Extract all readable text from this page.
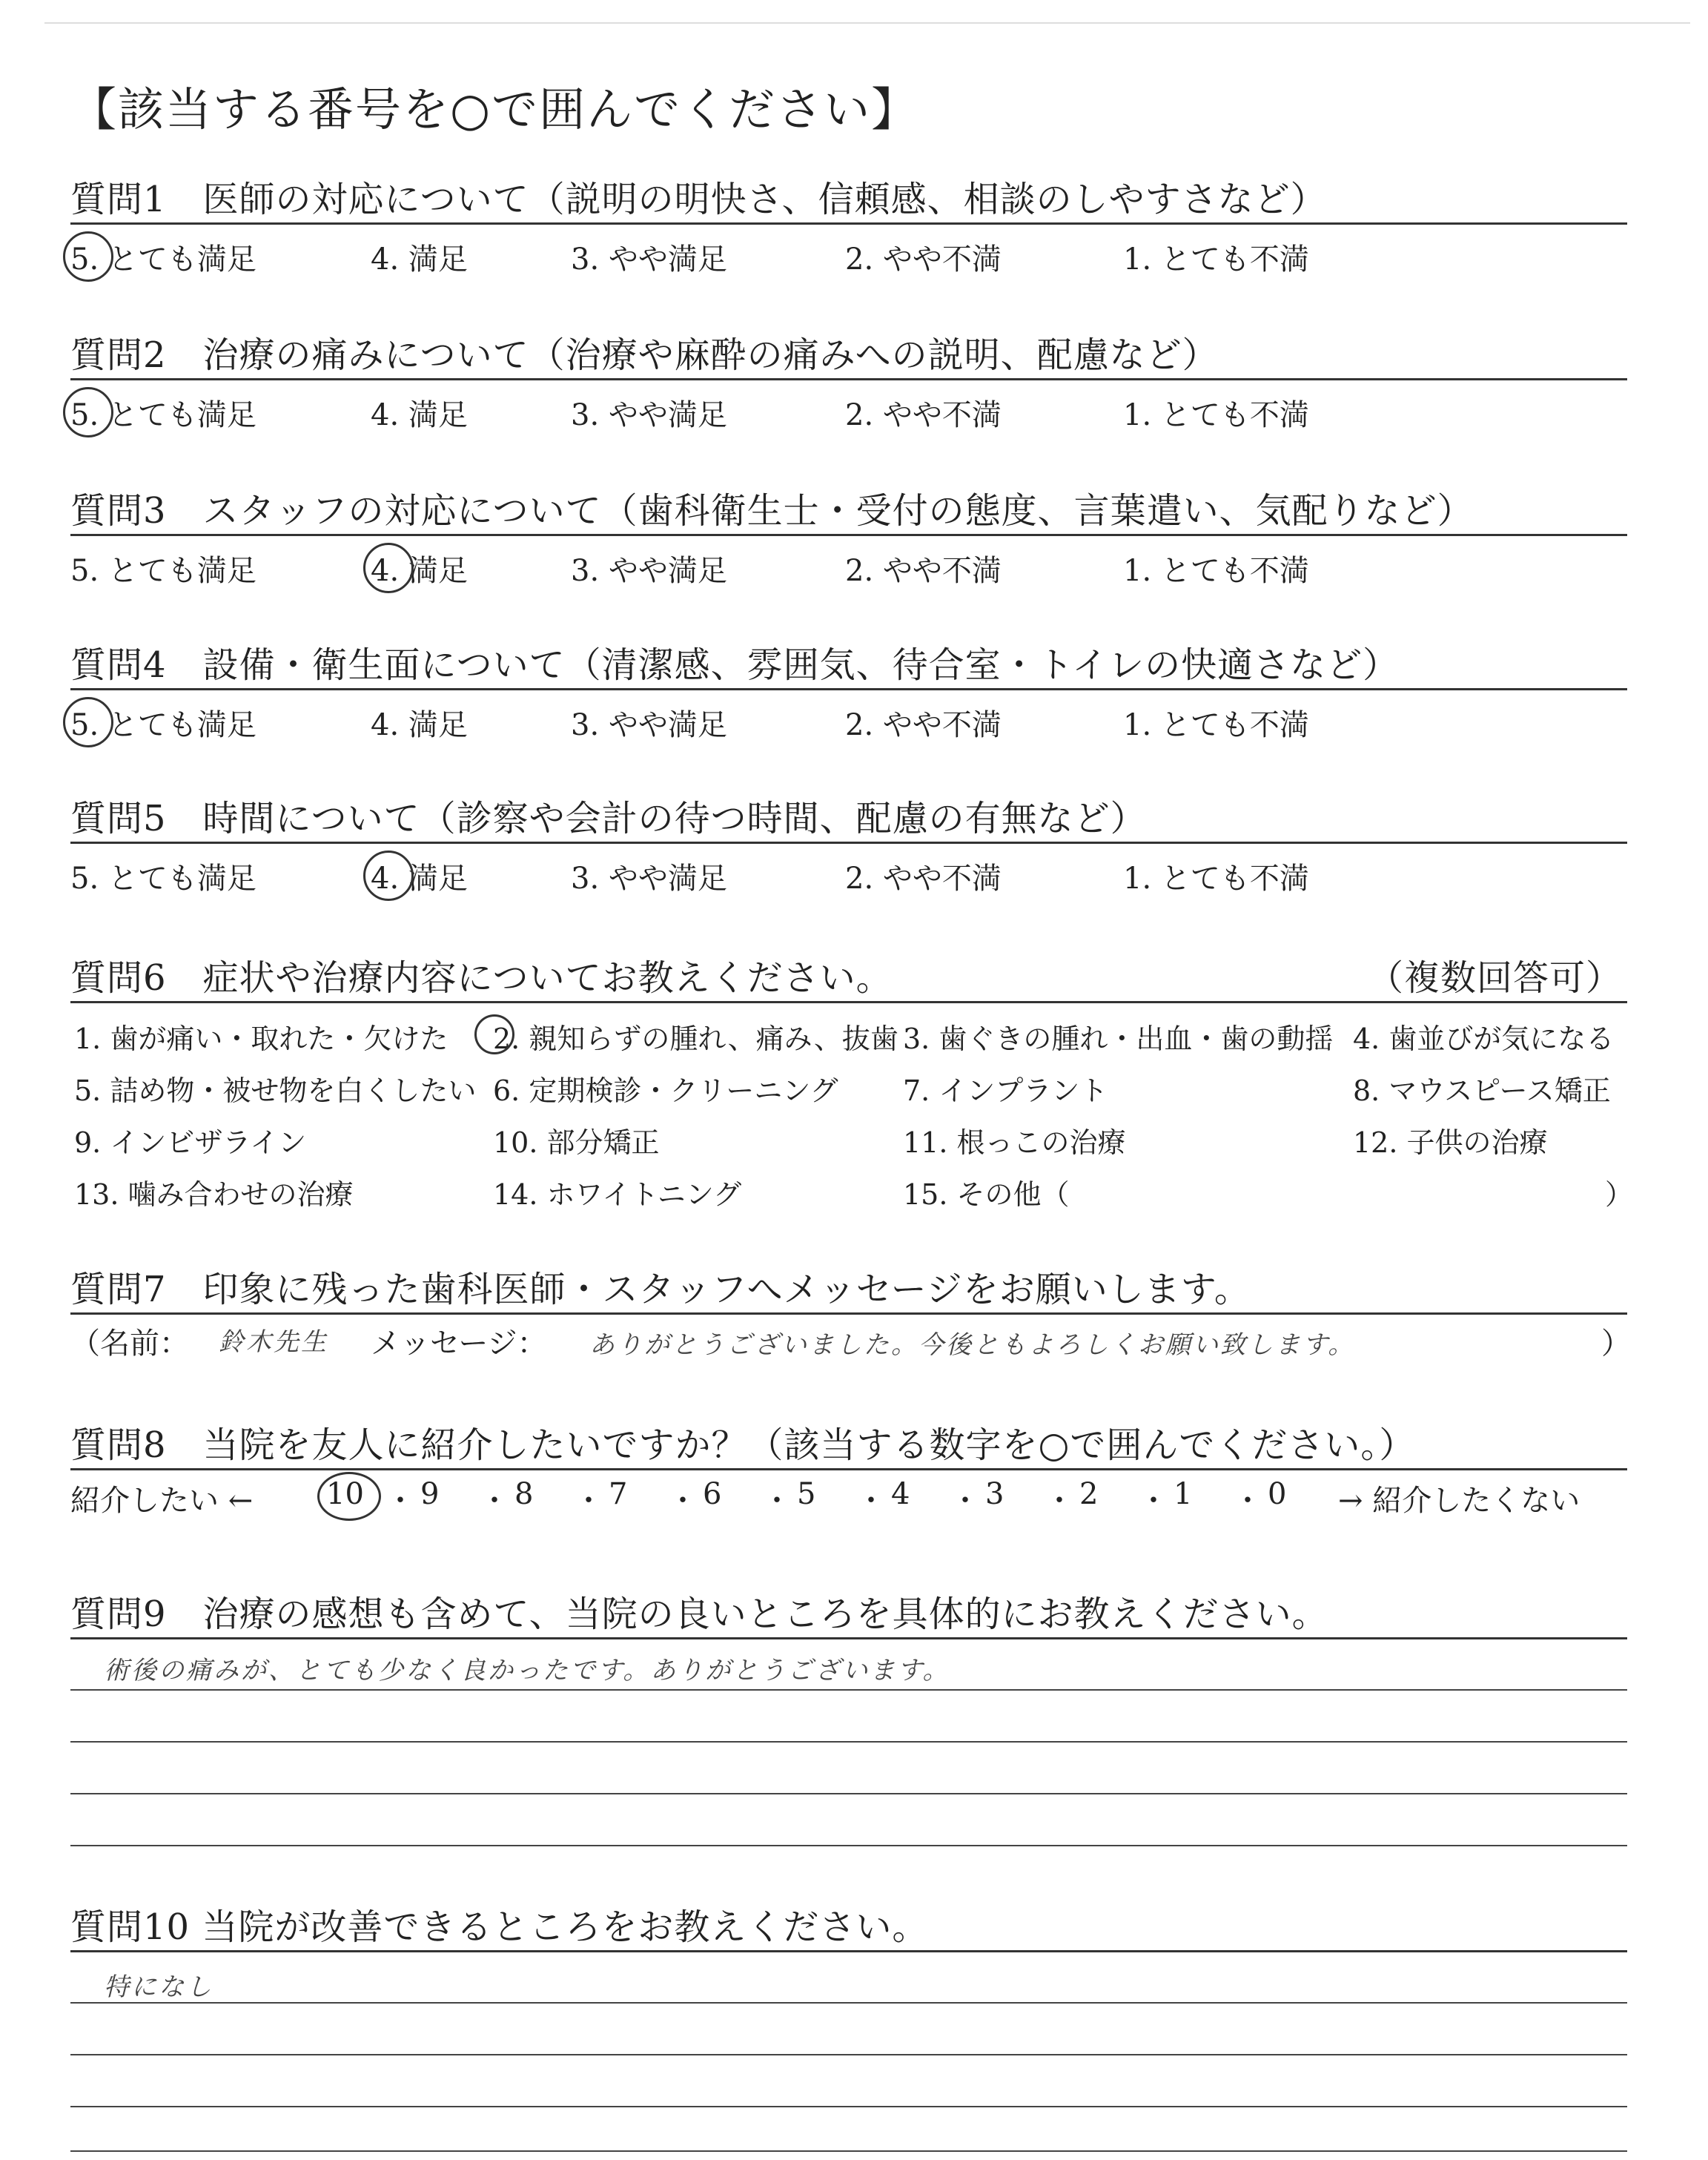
【該当する番号を○で囲んでください】
質問1　医師の対応について（説明の明快さ、信頼感、相談のしやすさなど）
5. とても満足	4. 満足	3. やや満足	2. やや不満	1. とても不満
質問2　治療の痛みについて（治療や麻酔の痛みへの説明、配慮など）
5. とても満足	4. 満足	3. やや満足	2. やや不満	1. とても不満
質問3　スタッフの対応について（歯科衛生士・受付の態度、言葉遣い、気配りなど）
5. とても満足	4. 満足	3. やや満足	2. やや不満	1. とても不満
質問4　設備・衛生面について（清潔感、雰囲気、待合室・トイレの快適さなど）
5. とても満足	4. 満足	3. やや満足	2. やや不満	1. とても不満
質問5　時間について（診察や会計の待つ時間、配慮の有無など）
5. とても満足	4. 満足	3. やや満足	2. やや不満	1. とても不満
質問6　症状や治療内容についてお教えください。	（複数回答可）
1. 歯が痛い・取れた・欠けた 2. 親知らずの腫れ、痛み、抜歯 3. 歯ぐきの腫れ・出血・歯の動揺 4. 歯並びが気になる
5. 詰め物・被せ物を白くしたい 6. 定期検診・クリーニング 7. インプラント	8. マウスピース矯正
9. インビザライン	10. 部分矯正	11. 根っこの治療	12. 子供の治療
13. 噛み合わせの治療	14. ホワイトニング	15. その他（	）
質問7　印象に残った歯科医師・スタッフへメッセージをお願いします。
（名前： 鈴木先生 メッセージ： ありがとうございました。今後ともよろしくお願い致します。	）
質問8　当院を友人に紹介したいですか？（該当する数字を○で囲んでください。）
紹介したい ← 10 ・ 9 ・ 8 ・ 7 ・ 6 ・ 5 ・ 4 ・ 3 ・ 2 ・ 1 ・ 0 → 紹介したくない
質問9　治療の感想も含めて、当院の良いところを具体的にお教えください。
術後の痛みが、とても少なく良かったです。ありがとうございます。
質問10 当院が改善できるところをお教えください。
特になし
